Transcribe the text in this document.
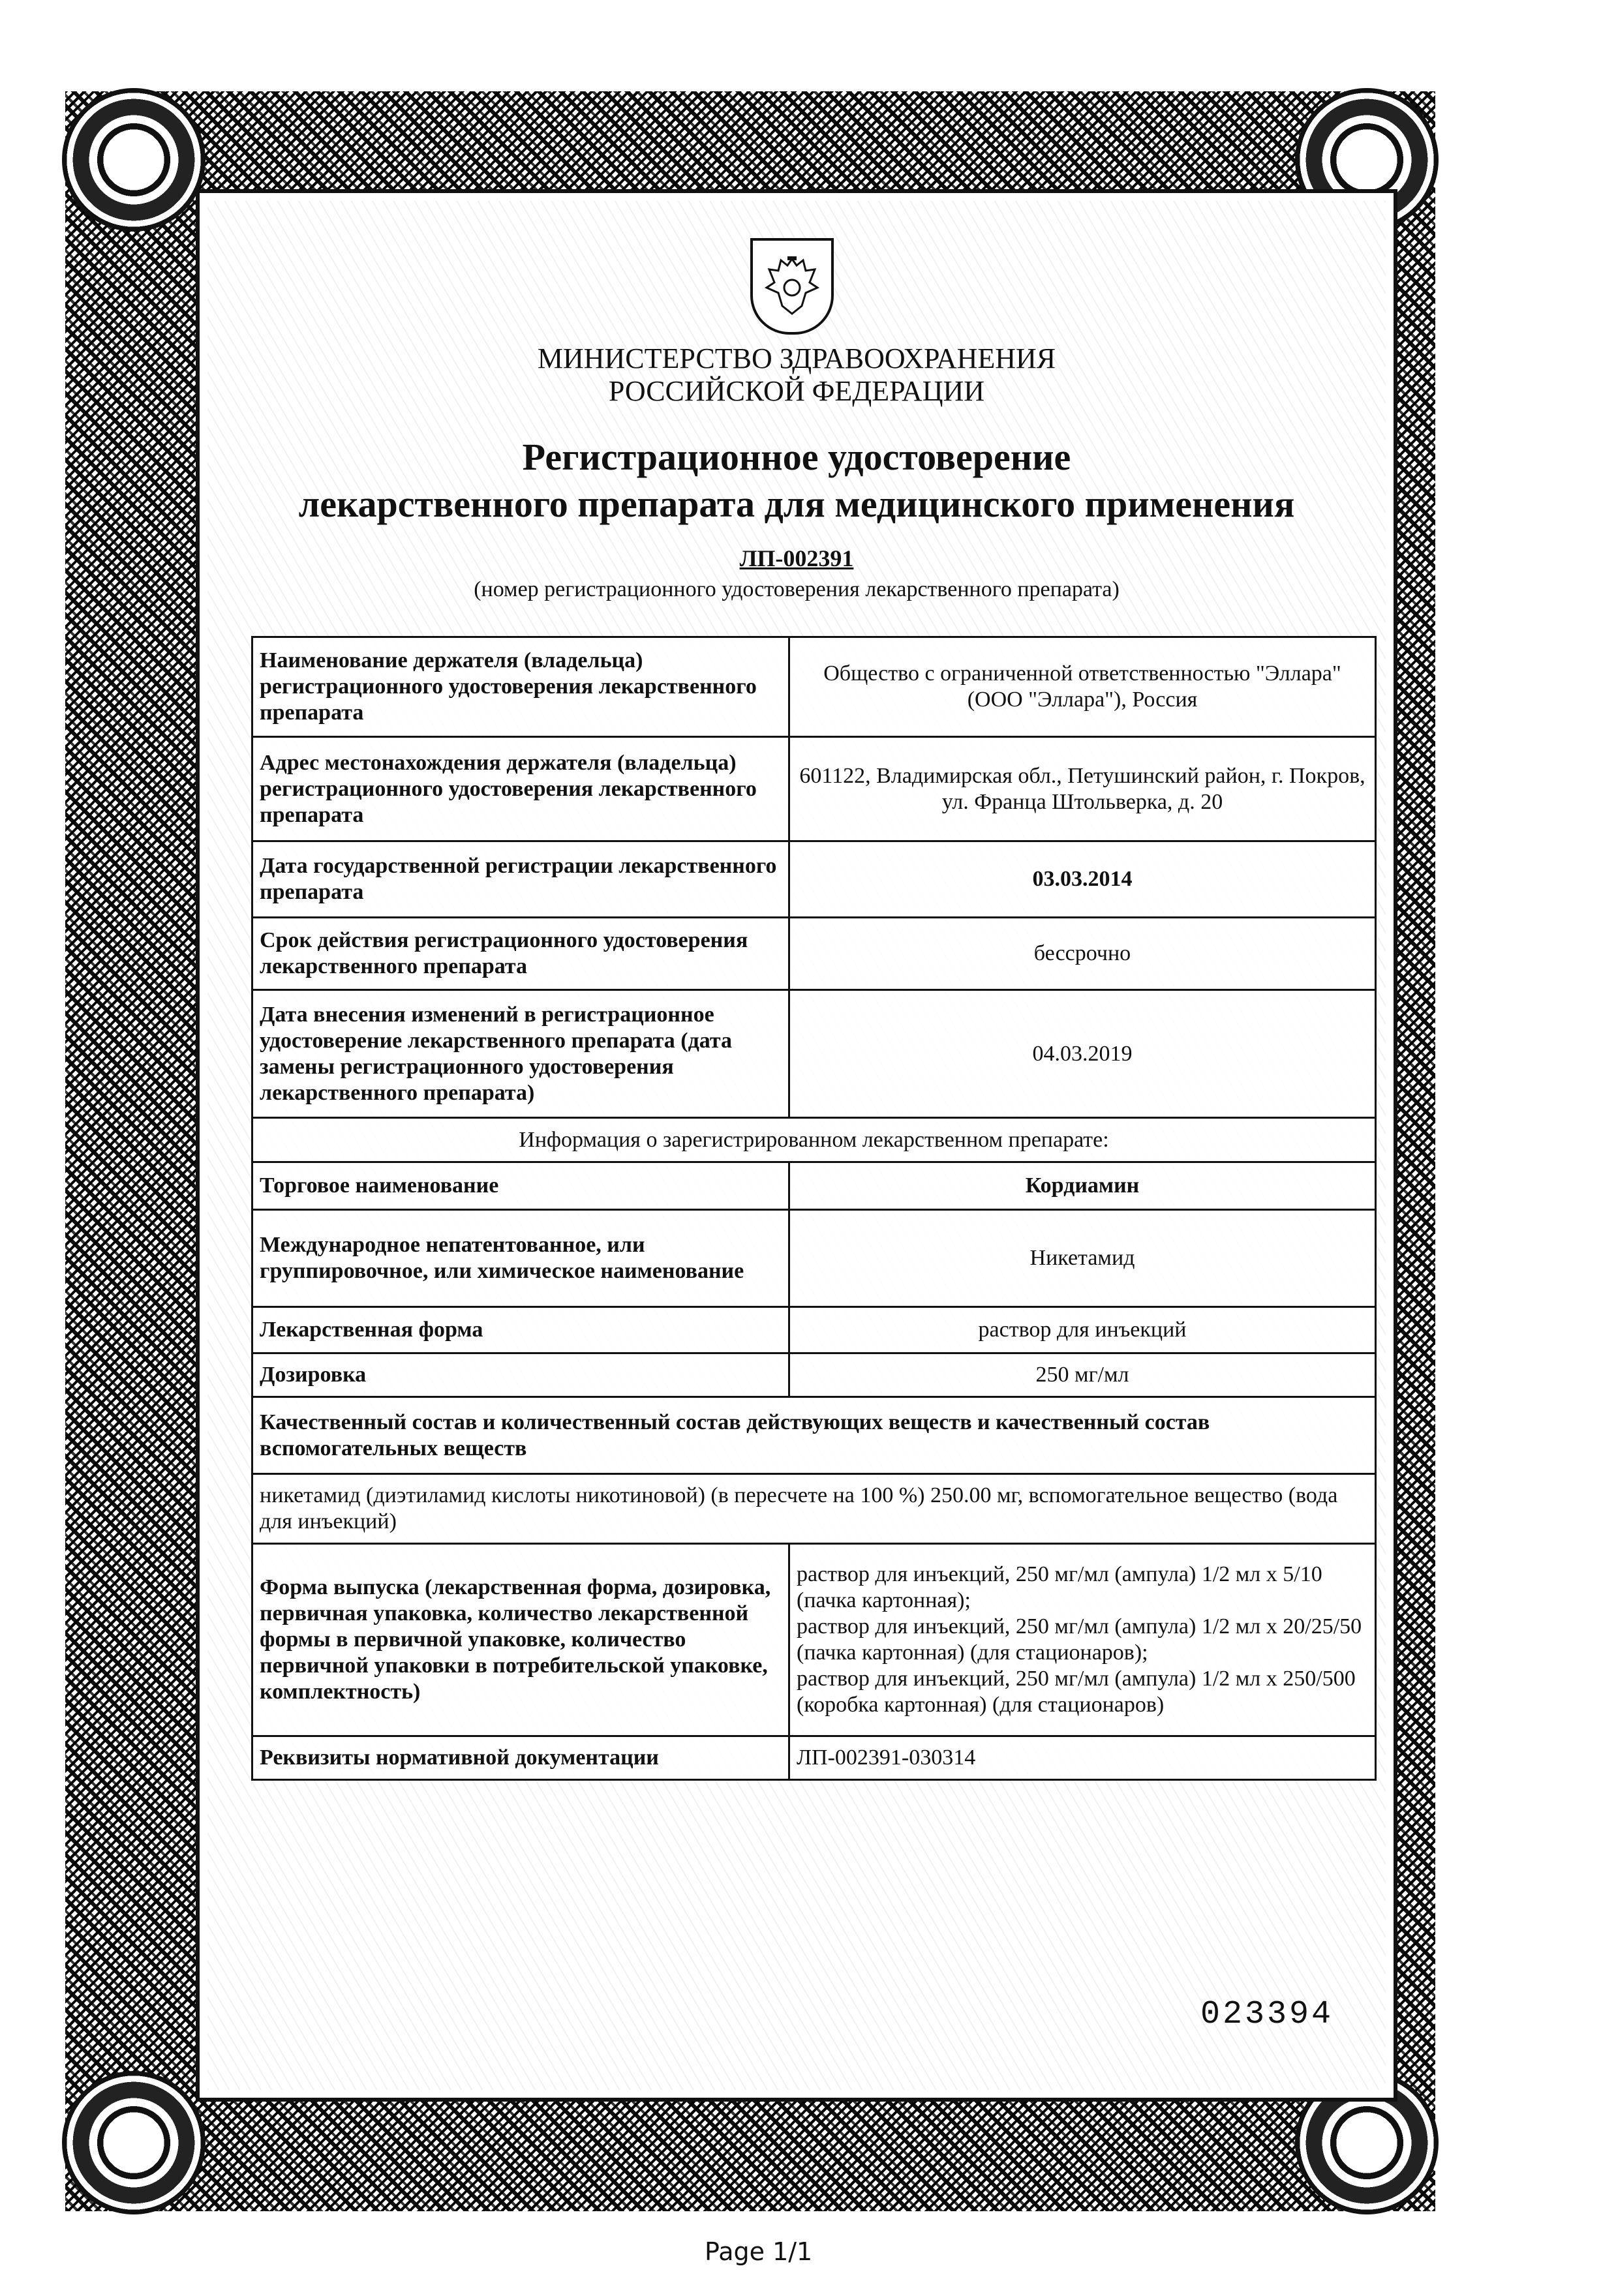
МИНИСТЕРСТВО ЗДРАВООХРАНЕНИЯ
РОССИЙСКОЙ ФЕДЕРАЦИИ
Регистрационное удостоверение
лекарственного препарата для медицинского применения
ЛП-002391
(номер регистрационного удостоверения лекарственного препарата)
Наименование держателя (владельца) регистрационного удостоверения лекарственного препарата	Общество с ограниченной ответственностью "Эллара" (ООО "Эллара"), Россия
Адрес местонахождения держателя (владельца) регистрационного удостоверения лекарственного препарата	601122, Владимирская обл., Петушинский район, г. Покров, ул. Франца Штольверка, д. 20
Дата государственной регистрации лекарственного препарата	03.03.2014
Срок действия регистрационного удостоверения лекарственного препарата	бессрочно
Дата внесения изменений в регистрационное удостоверение лекарственного препарата (дата замены регистрационного удостоверения лекарственного препарата)	04.03.2019
Информация о зарегистрированном лекарственном препарате:	
Торговое наименование	Кордиамин
Международное непатентованное, или группировочное, или химическое наименование	Никетамид
Лекарственная форма	раствор для инъекций
Дозировка	250 мг/мл
Качественный состав и количественный состав действующих веществ и качественный состав вспомогательных веществ	
никетамид (диэтиламид кислоты никотиновой) (в пересчете на 100 %) 250.00 мг, вспомогательное вещество (вода для инъекций)	
Форма выпуска (лекарственная форма, дозировка, первичная упаковка, количество лекарственной формы в первичной упаковке, количество первичной упаковки в потребительской упаковке, комплектность)	раствор для инъекций, 250 мг/мл (ампула) 1/2 мл x 5/10 (пачка картонная);
раствор для инъекций, 250 мг/мл (ампула) 1/2 мл x 20/25/50 (пачка картонная) (для стационаров);
раствор для инъекций, 250 мг/мл (ампула) 1/2 мл x 250/500 (коробка картонная) (для стационаров)

Реквизиты нормативной документации	ЛП-002391-030314
023394
Page 1/1
